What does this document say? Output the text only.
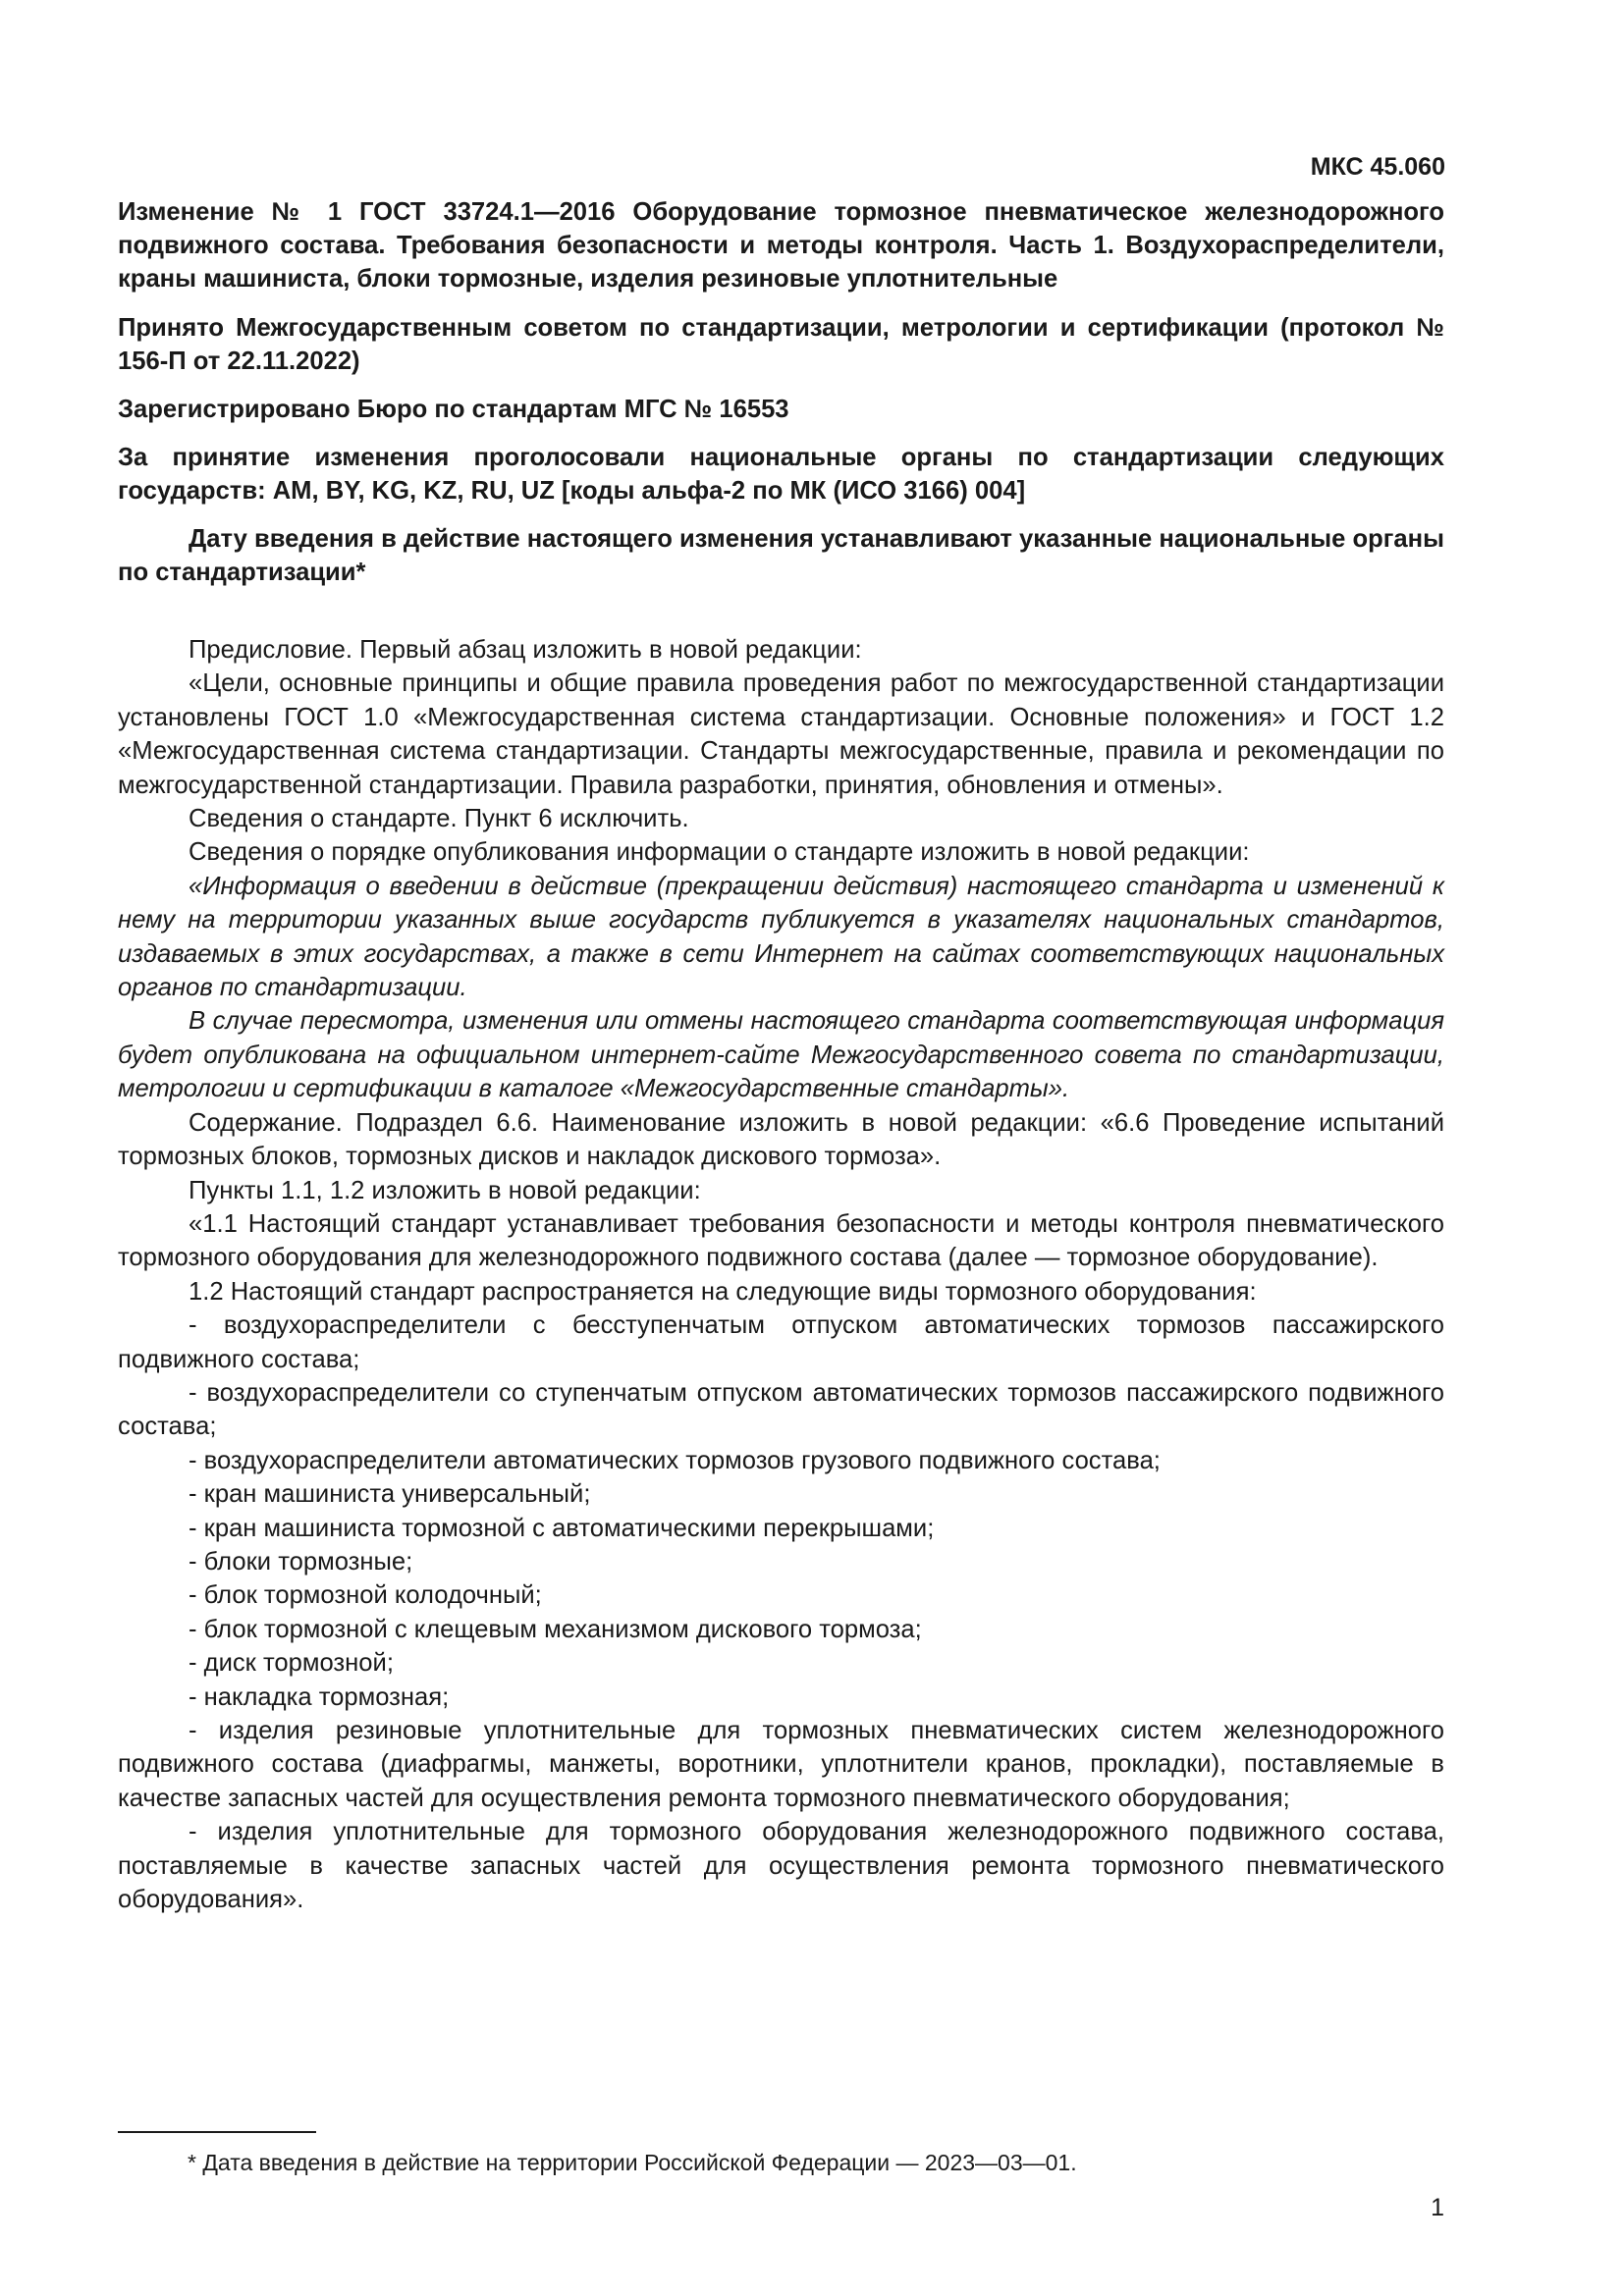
МКС 45.060

Изменение № 1 ГОСТ 33724.1—2016 Оборудование тормозное пневматическое железнодорожного подвижного состава. Требования безопасности и методы контроля. Часть 1. Воздухораспределители, краны машиниста, блоки тормозные, изделия резиновые уплотнительные

Принято Межгосударственным советом по стандартизации, метрологии и сертификации (протокол № 156-П от 22.11.2022)

Зарегистрировано Бюро по стандартам МГС № 16553

За принятие изменения проголосовали национальные органы по стандартизации следующих государств: AM, BY, KG, KZ, RU, UZ [коды альфа-2 по МК (ИСО 3166) 004]

Дату введения в действие настоящего изменения устанавливают указанные национальные органы по стандартизации*

Предисловие. Первый абзац изложить в новой редакции:

«Цели, основные принципы и общие правила проведения работ по межгосударственной стандартизации установлены ГОСТ 1.0 «Межгосударственная система стандартизации. Основные положения» и ГОСТ 1.2 «Межгосударственная система стандартизации. Стандарты межгосударственные, правила и рекомендации по межгосударственной стандартизации. Правила разработки, принятия, обновления и отмены».

Сведения о стандарте. Пункт 6 исключить.

Сведения о порядке опубликования информации о стандарте изложить в новой редакции:

«Информация о введении в действие (прекращении действия) настоящего стандарта и изменений к нему на территории указанных выше государств публикуется в указателях национальных стандартов, издаваемых в этих государствах, а также в сети Интернет на сайтах соответствующих национальных органов по стандартизации.

В случае пересмотра, изменения или отмены настоящего стандарта соответствующая информация будет опубликована на официальном интернет-сайте Межгосударственного совета по стандартизации, метрологии и сертификации в каталоге «Межгосударственные стандарты».

Содержание. Подраздел 6.6. Наименование изложить в новой редакции: «6.6 Проведение испытаний тормозных блоков, тормозных дисков и накладок дискового тормоза».

Пункты 1.1, 1.2 изложить в новой редакции:

«1.1 Настоящий стандарт устанавливает требования безопасности и методы контроля пневматического тормозного оборудования для железнодорожного подвижного состава (далее — тормозное оборудование).

1.2 Настоящий стандарт распространяется на следующие виды тормозного оборудования:

- воздухораспределители с бесступенчатым отпуском автоматических тормозов пассажирского подвижного состава;

- воздухораспределители со ступенчатым отпуском автоматических тормозов пассажирского подвижного состава;

- воздухораспределители автоматических тормозов грузового подвижного состава;

- кран машиниста универсальный;

- кран машиниста тормозной с автоматическими перекрышами;

- блоки тормозные;

- блок тормозной колодочный;

- блок тормозной с клещевым механизмом дискового тормоза;

- диск тормозной;

- накладка тормозная;

- изделия резиновые уплотнительные для тормозных пневматических систем железнодорожного подвижного состава (диафрагмы, манжеты, воротники, уплотнители кранов, прокладки), поставляемые в качестве запасных частей для осуществления ремонта тормозного пневматического оборудования;

- изделия уплотнительные для тормозного оборудования железнодорожного подвижного состава, поставляемые в качестве запасных частей для осуществления ремонта тормозного пневматического оборудования».

* Дата введения в действие на территории Российской Федерации — 2023—03—01.

1
